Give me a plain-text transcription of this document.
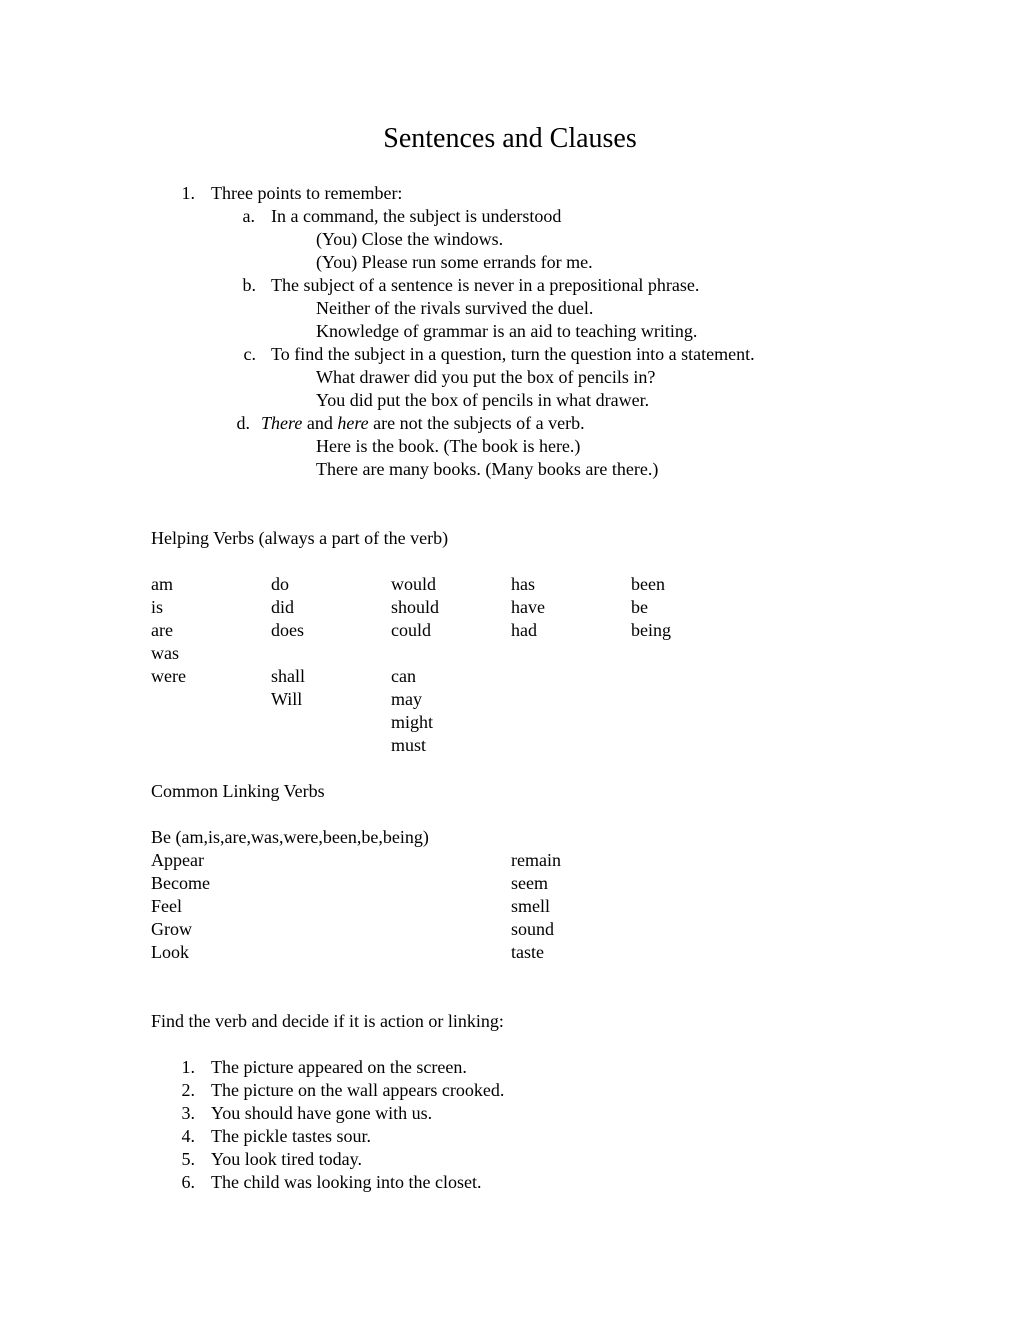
Sentences and Clauses
1. Three points to remember:
a. In a command, the subject is understood
(You) Close the windows.
(You) Please run some errands for me.
b. The subject of a sentence is never in a prepositional phrase.
Neither of the rivals survived the duel.
Knowledge of grammar is an aid to teaching writing.
c. To find the subject in a question, turn the question into a statement.
What drawer did you put the box of pencils in?
You did put the box of pencils in what drawer.
d. There and here are not the subjects of a verb.
Here is the book. (The book is here.)
There are many books. (Many books are there.)
Helping Verbs (always a part of the verb)
am
is
are
was
were
do
did
does
shall
Will
would
should
could
can
may
might
must
has
have
had
been
be
being
Common Linking Verbs
Be (am,is,are,was,were,been,be,being)
Appear
Become
Feel
Grow
Look
remain
seem
smell
sound
taste
Find the verb and decide if it is action or linking:
1. The picture appeared on the screen.
2. The picture on the wall appears crooked.
3. You should have gone with us.
4. The pickle tastes sour.
5. You look tired today.
6. The child was looking into the closet.
